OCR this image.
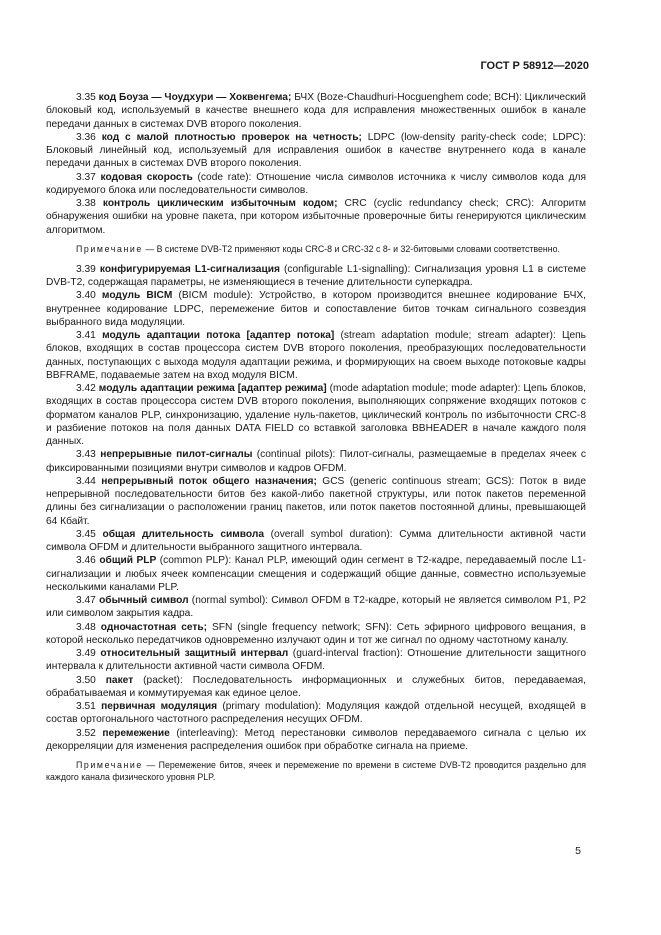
ГОСТ Р 58912—2020

3.35 код Боуза — Чоудхури — Хоквенгема; БЧХ (Boze-Chaudhuri-Hocguenghem code; BCH): Циклический блоковый код, используемый в качестве внешнего кода для исправления множественных ошибок в канале передачи данных в системах DVB второго поколения.

3.36 код с малой плотностью проверок на четность; LDPC (low-density parity-check code; LDPC): Блоковый линейный код, используемый для исправления ошибок в качестве внутреннего кода в канале передачи данных в системах DVB второго поколения.

3.37 кодовая скорость (code rate): Отношение числа символов источника к числу символов кода для кодируемого блока или последовательности символов.

3.38 контроль циклическим избыточным кодом; CRC (cyclic redundancy check; CRC): Алгоритм обнаружения ошибки на уровне пакета, при котором избыточные проверочные биты генерируются циклическим алгоритмом.

Примечание — В системе DVB-T2 применяют коды CRC-8 и CRC-32 с 8- и 32-битовыми словами соответственно.

3.39 конфигурируемая L1-сигнализация (configurable L1-signalling): Сигнализация уровня L1 в системе DVB-T2, содержащая параметры, не изменяющиеся в течение длительности суперкадра.

3.40 модуль BICM (BICM module): Устройство, в котором производится внешнее кодирование БЧХ, внутреннее кодирование LDPC, перемежение битов и сопоставление битов точкам сигнального созвездия выбранного вида модуляции.

3.41 модуль адаптации потока [адаптер потока] (stream adaptation module; stream adapter): Цепь блоков, входящих в состав процессора систем DVB второго поколения, преобразующих последовательности данных, поступающих с выхода модуля адаптации режима, и формирующих на своем выходе потоковые кадры BBFRAME, подаваемые затем на вход модуля BICM.

3.42 модуль адаптации режима [адаптер режима] (mode adaptation module; mode adapter): Цепь блоков, входящих в состав процессора систем DVB второго поколения, выполняющих сопряжение входящих потоков с форматом каналов PLP, синхронизацию, удаление нуль-пакетов, циклический контроль по избыточности CRC-8 и разбиение потоков на поля данных DATA FIELD со вставкой заголовка BBHEADER в начале каждого поля данных.

3.43 непрерывные пилот-сигналы (continual pilots): Пилот-сигналы, размещаемые в пределах ячеек с фиксированными позициями внутри символов и кадров OFDM.

3.44 непрерывный поток общего назначения; GCS (generic continuous stream; GCS): Поток в виде непрерывной последовательности битов без какой-либо пакетной структуры, или поток пакетов переменной длины без сигнализации о расположении границ пакетов, или поток пакетов постоянной длины, превышающей 64 Кбайт.

3.45 общая длительность символа (overall symbol duration): Сумма длительности активной части символа OFDM и длительности выбранного защитного интервала.

3.46 общий PLP (common PLP): Канал PLP, имеющий один сегмент в Т2-кадре, передаваемый после L1-сигнализации и любых ячеек компенсации смещения и содержащий общие данные, совместно используемые несколькими каналами PLP.

3.47 обычный символ (normal symbol): Символ OFDM в Т2-кадре, который не является символом P1, P2 или символом закрытия кадра.

3.48 одночастотная сеть; SFN (single frequency network; SFN): Сеть эфирного цифрового вещания, в которой несколько передатчиков одновременно излучают один и тот же сигнал по одному частотному каналу.

3.49 относительный защитный интервал (guard-interval fraction): Отношение длительности защитного интервала к длительности активной части символа OFDM.

3.50 пакет (packet): Последовательность информационных и служебных битов, передаваемая, обрабатываемая и коммутируемая как единое целое.

3.51 первичная модуляция (primary modulation): Модуляция каждой отдельной несущей, входящей в состав ортогонального частотного распределения несущих OFDM.

3.52 перемежение (interleaving): Метод перестановки символов передаваемого сигнала с целью их декорреляции для изменения распределения ошибок при обработке сигнала на приеме.

Примечание — Перемежение битов, ячеек и перемежение по времени в системе DVB-T2 проводится раздельно для каждого канала физического уровня PLP.

5
